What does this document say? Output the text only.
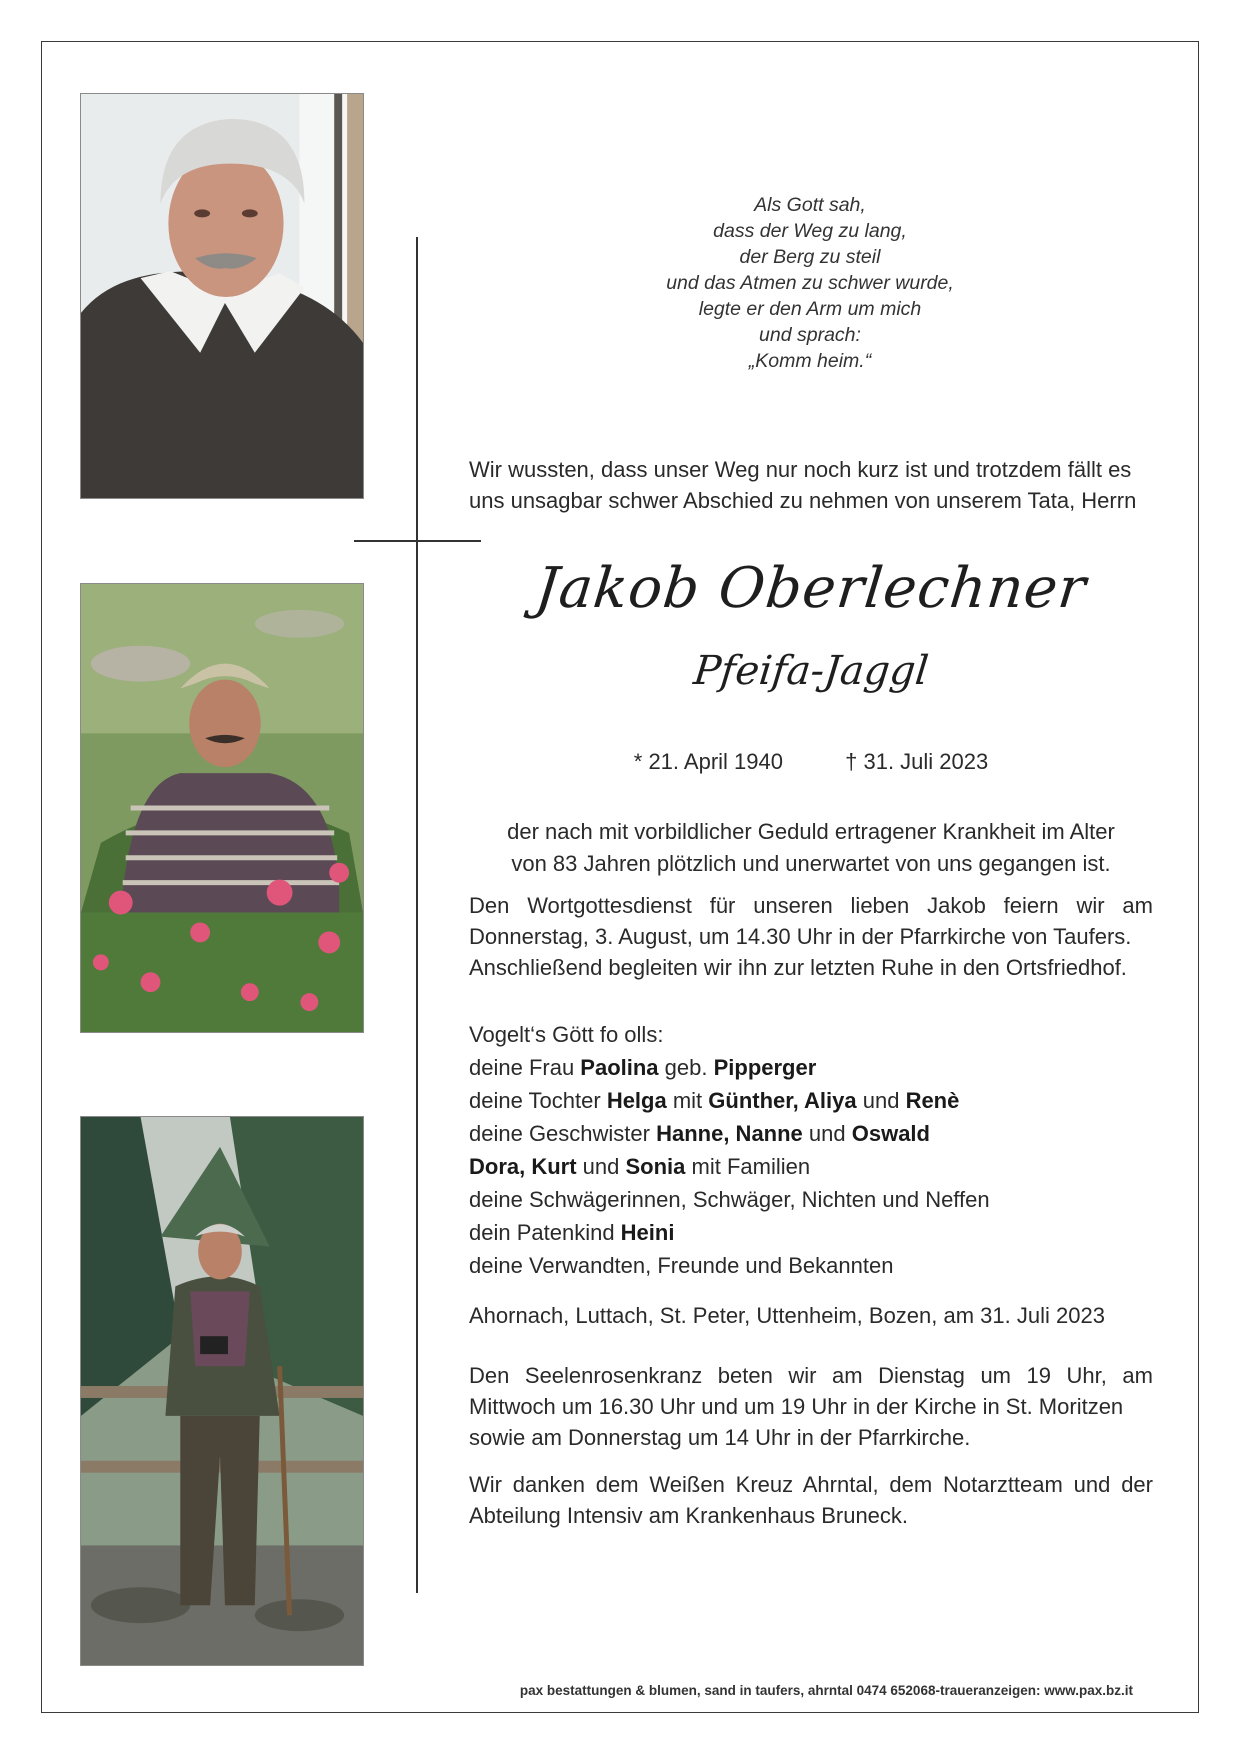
Als Gott sah,
dass der Weg zu lang,
der Berg zu steil
und das Atmen zu schwer wurde,
legte er den Arm um mich
und sprach:
„Komm heim.“
Wir wussten, dass unser Weg nur noch kurz ist und trotzdem fällt es
uns unsagbar schwer Abschied zu nehmen von unserem Tata, Herrn
Jakob Oberlechner
Pfeifa-Jaggl
* 21. April 1940	† 31. Juli 2023
der nach mit vorbildlicher Geduld ertragener Krankheit im Alter
von 83 Jahren plötzlich und unerwartet von uns gegangen ist.
Den Wortgottesdienst für unseren lieben Jakob feiern wir am
Donnerstag, 3. August, um 14.30 Uhr in der Pfarrkirche von Taufers.
Anschließend begleiten wir ihn zur letzten Ruhe in den Ortsfriedhof.
Vogelt‘s Gött fo olls:
deine Frau Paolina geb. Pipperger
deine Tochter Helga mit Günther, Aliya und Renè
deine Geschwister Hanne, Nanne und Oswald
Dora, Kurt und Sonia mit Familien
deine Schwägerinnen, Schwäger, Nichten und Neffen
dein Patenkind Heini
deine Verwandten, Freunde und Bekannten
Ahornach, Luttach, St. Peter, Uttenheim, Bozen, am 31. Juli 2023
Den Seelenrosenkranz beten wir am Dienstag um 19 Uhr, am
Mittwoch um 16.30 Uhr und um 19 Uhr in der Kirche in St. Moritzen
sowie am Donnerstag um 14 Uhr in der Pfarrkirche.
Wir danken dem Weißen Kreuz Ahrntal, dem Notarztteam und der
Abteilung Intensiv am Krankenhaus Bruneck.
pax bestattungen & blumen, sand in taufers, ahrntal 0474 652068-traueranzeigen: www.pax.bz.it
